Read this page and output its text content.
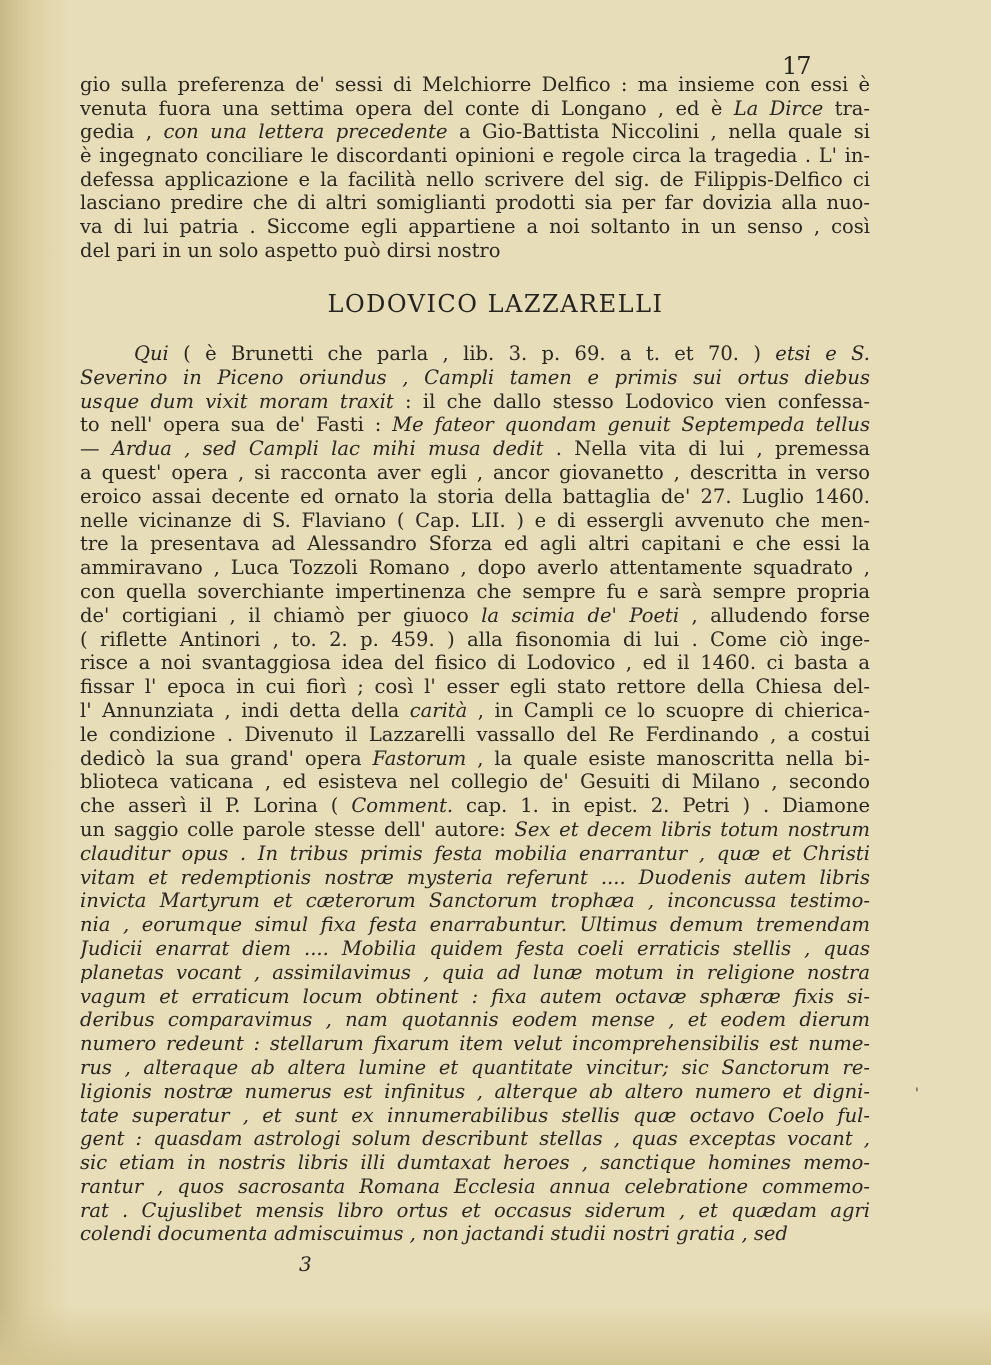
17
gio sulla preferenza de' sessi di Melchiorre Delfico : ma insieme con essi è
venuta fuora una settima opera del conte di Longano , ed è La Dirce tra-
gedia , con una lettera precedente a Gio-Battista Niccolini , nella quale si
è ingegnato conciliare le discordanti opinioni e regole circa la tragedia . L' in-
defessa applicazione e la facilità nello scrivere del sig. de Filippis-Delfico ci
lasciano predire che di altri somiglianti prodotti sia per far dovizia alla nuo-
va di lui patria . Siccome egli appartiene a noi soltanto in un senso , così
del pari in un solo aspetto può dirsi nostro
LODOVICO LAZZARELLI
Qui ( è Brunetti che parla , lib. 3. p. 69. a t. et 70. ) etsi e S.
Severino in Piceno oriundus , Campli tamen e primis sui ortus diebus
usque dum vixit moram traxit : il che dallo stesso Lodovico vien confessa-
to nell' opera sua de' Fasti : Me fateor quondam genuit Septempeda tellus
— Ardua , sed Campli lac mihi musa dedit . Nella vita di lui , premessa
a quest' opera , si racconta aver egli , ancor giovanetto , descritta in verso
eroico assai decente ed ornato la storia della battaglia de' 27. Luglio 1460.
nelle vicinanze di S. Flaviano ( Cap. LII. ) e di essergli avvenuto che men-
tre la presentava ad Alessandro Sforza ed agli altri capitani e che essi la
ammiravano , Luca Tozzoli Romano , dopo averlo attentamente squadrato ,
con quella soverchiante impertinenza che sempre fu e sarà sempre propria
de' cortigiani , il chiamò per giuoco la scimia de' Poeti , alludendo forse
( riflette Antinori , to. 2. p. 459. ) alla fisonomia di lui . Come ciò inge-
risce a noi svantaggiosa idea del fisico di Lodovico , ed il 1460. ci basta a
fissar l' epoca in cui fiorì ; così l' esser egli stato rettore della Chiesa del-
l' Annunziata , indi detta della carità , in Campli ce lo scuopre di chierica-
le condizione . Divenuto il Lazzarelli vassallo del Re Ferdinando , a costui
dedicò la sua grand' opera Fastorum , la quale esiste manoscritta nella bi-
blioteca vaticana , ed esisteva nel collegio de' Gesuiti di Milano , secondo
che asserì il P. Lorina ( Comment. cap. 1. in epist. 2. Petri ) . Diamone
un saggio colle parole stesse dell' autore: Sex et decem libris totum nostrum
clauditur opus . In tribus primis festa mobilia enarrantur , quæ et Christi
vitam et redemptionis nostræ mysteria referunt .... Duodenis autem libris
invicta Martyrum et cæterorum Sanctorum trophæa , inconcussa testimo-
nia , eorumque simul fixa festa enarrabuntur. Ultimus demum tremendam
Judicii enarrat diem .... Mobilia quidem festa coeli erraticis stellis , quas
planetas vocant , assimilavimus , quia ad lunæ motum in religione nostra
vagum et erraticum locum obtinent : fixa autem octavæ sphæræ fixis si-
deribus comparavimus , nam quotannis eodem mense , et eodem dierum
numero redeunt : stellarum fixarum item velut incomprehensibilis est nume-
rus , alteraque ab altera lumine et quantitate vincitur; sic Sanctorum re-
ligionis nostræ numerus est infinitus , alterque ab altero numero et digni-
tate superatur , et sunt ex innumerabilibus stellis quæ octavo Coelo ful-
gent : quasdam astrologi solum describunt stellas , quas exceptas vocant ,
sic etiam in nostris libris illi dumtaxat heroes , sanctique homines memo-
rantur , quos sacrosanta Romana Ecclesia annua celebratione commemo-
rat . Cujuslibet mensis libro ortus et occasus siderum , et quædam agri
colendi documenta admiscuimus , non jactandi studii nostri gratia , sed
3
'
